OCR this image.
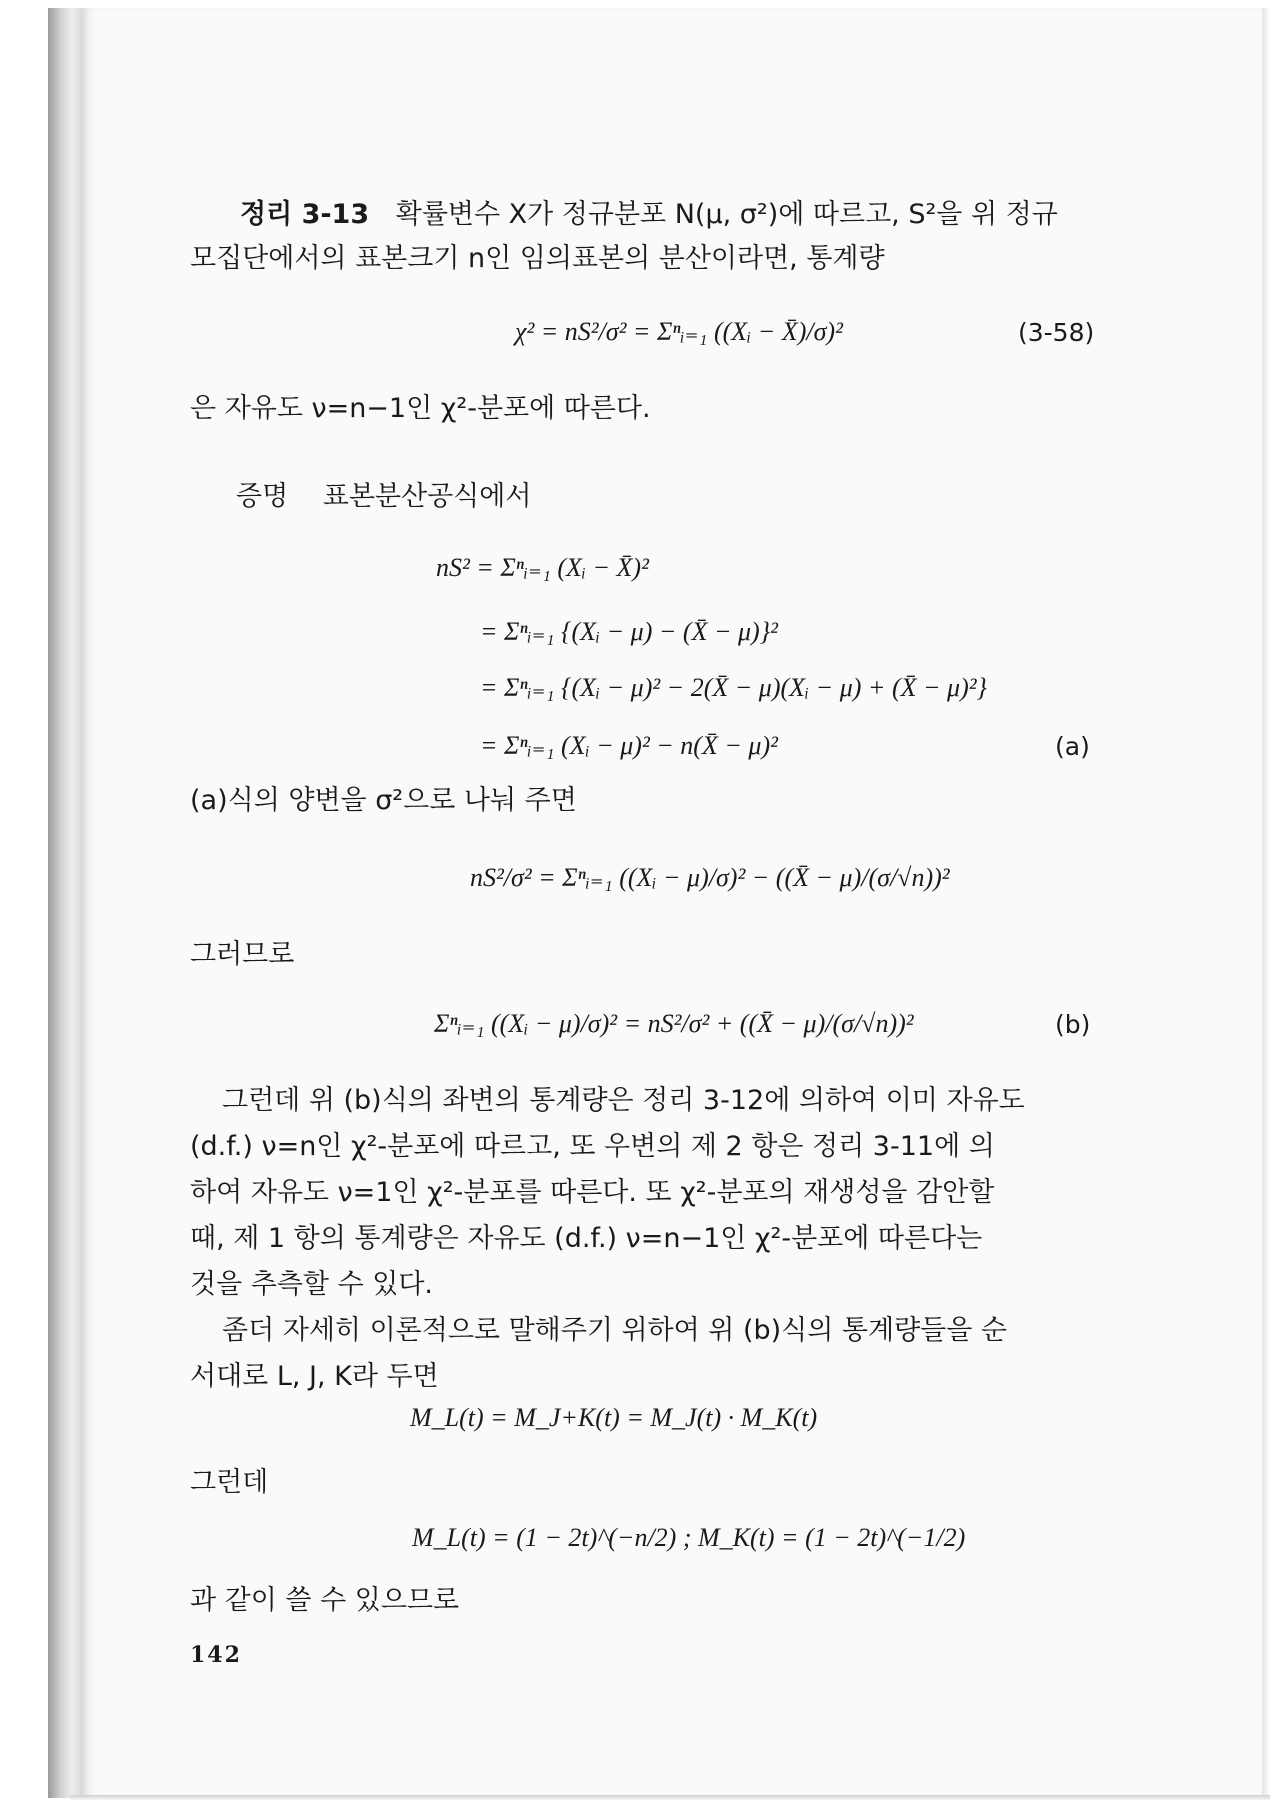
정리 3-13 확률변수 X가 정규분포 N(μ, σ²)에 따르고, S²을 위 정규
모집단에서의 표본크기 n인 임의표본의 분산이라면, 통계량
χ² = nS²/σ² = Σⁿᵢ₌₁ ((Xᵢ − X̄)/σ)²	(3-58)
은 자유도 ν=n−1인 χ²-분포에 따른다.
증명 표본분산공식에서
nS² = Σⁿᵢ₌₁ (Xᵢ − X̄)²
= Σⁿᵢ₌₁ {(Xᵢ − μ) − (X̄ − μ)}²
= Σⁿᵢ₌₁ {(Xᵢ − μ)² − 2(X̄ − μ)(Xᵢ − μ) + (X̄ − μ)²}
= Σⁿᵢ₌₁ (Xᵢ − μ)² − n(X̄ − μ)²	(a)
(a)식의 양변을 σ²으로 나눠 주면
nS²/σ² = Σⁿᵢ₌₁ ((Xᵢ − μ)/σ)² − ((X̄ − μ)/(σ/√n))²
그러므로
Σⁿᵢ₌₁ ((Xᵢ − μ)/σ)² = nS²/σ² + ((X̄ − μ)/(σ/√n))²	(b)
그런데 위 (b)식의 좌변의 통계량은 정리 3-12에 의하여 이미 자유도
(d.f.) ν=n인 χ²-분포에 따르고, 또 우변의 제 2 항은 정리 3-11에 의
하여 자유도 ν=1인 χ²-분포를 따른다. 또 χ²-분포의 재생성을 감안할
때, 제 1 항의 통계량은 자유도 (d.f.) ν=n−1인 χ²-분포에 따른다는
것을 추측할 수 있다.
좀더 자세히 이론적으로 말해주기 위하여 위 (b)식의 통계량들을 순
서대로 L, J, K라 두면
M_L(t) = M_J+K(t) = M_J(t) · M_K(t)
그런데
M_L(t) = (1 − 2t)^(−n/2) ; M_K(t) = (1 − 2t)^(−1/2)
과 같이 쓸 수 있으므로
142
